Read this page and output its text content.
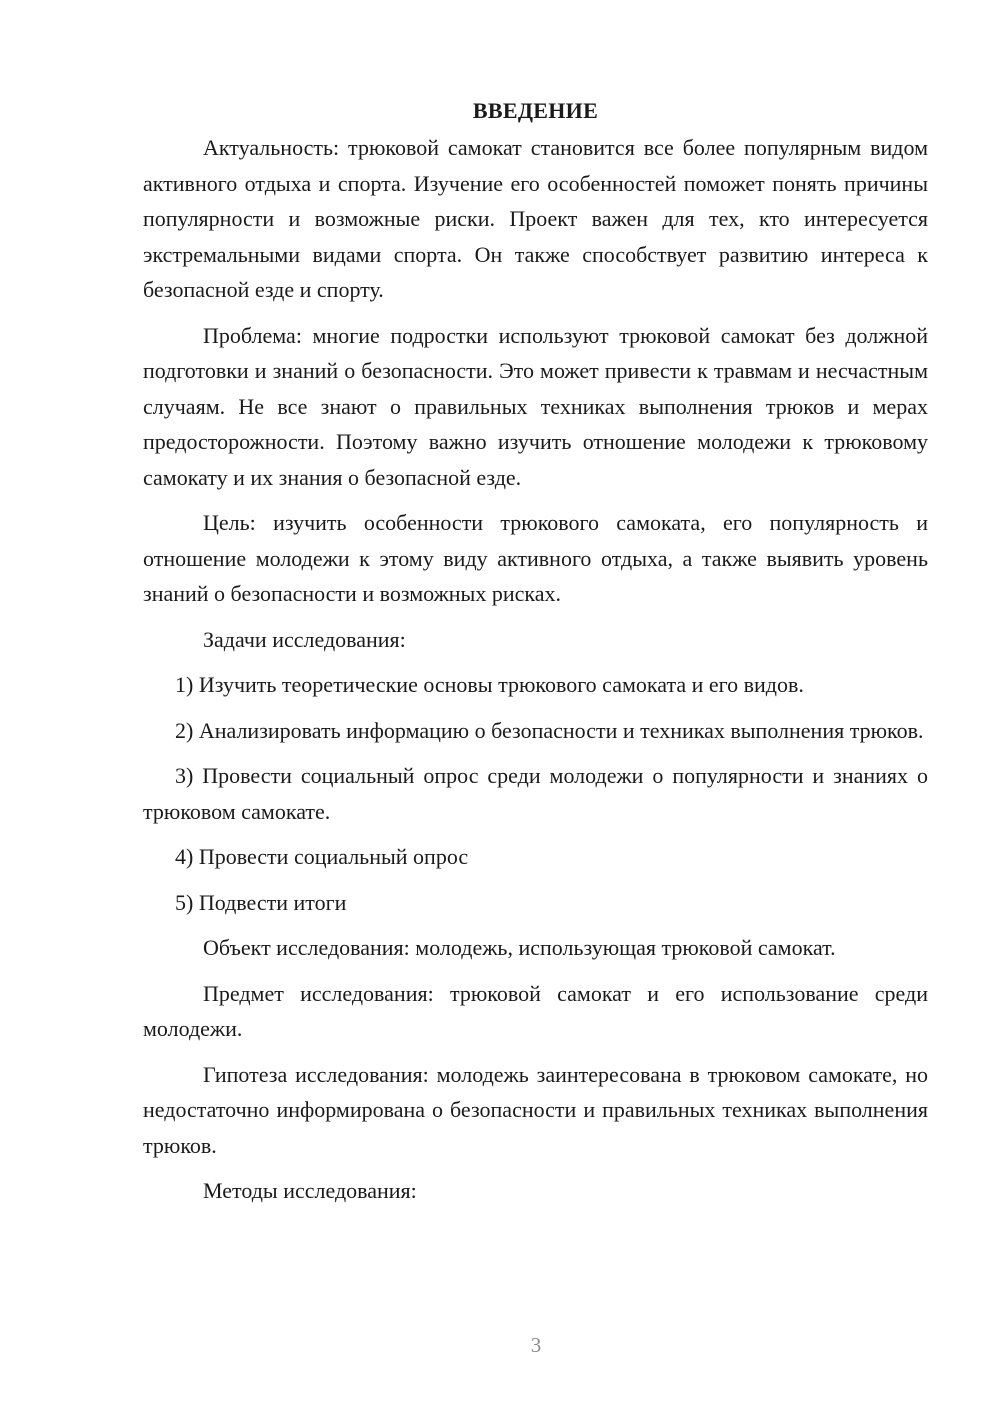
ВВЕДЕНИЕ

Актуальность: трюковой самокат становится все более популярным видом активного отдыха и спорта. Изучение его особенностей поможет понять причины популярности и возможные риски. Проект важен для тех, кто интересуется экстремальными видами спорта. Он также способствует развитию интереса к безопасной езде и спорту.

Проблема: многие подростки используют трюковой самокат без должной подготовки и знаний о безопасности. Это может привести к травмам и несчастным случаям. Не все знают о правильных техниках выполнения трюков и мерах предосторожности. Поэтому важно изучить отношение молодежи к трюковому самокату и их знания о безопасной езде.

Цель: изучить особенности трюкового самоката, его популярность и отношение молодежи к этому виду активного отдыха, а также выявить уровень знаний о безопасности и возможных рисках.

Задачи исследования:

1) Изучить теоретические основы трюкового самоката и его видов.

2) Анализировать информацию о безопасности и техниках выполнения трюков.

3) Провести социальный опрос среди молодежи о популярности и знаниях о трюковом самокате.

4) Провести социальный опрос

5) Подвести итоги

Объект исследования: молодежь, использующая трюковой самокат.

Предмет исследования: трюковой самокат и его использование среди молодежи.

Гипотеза исследования: молодежь заинтересована в трюковом самокате, но недостаточно информирована о безопасности и правильных техниках выполнения трюков.

Методы исследования:

3
